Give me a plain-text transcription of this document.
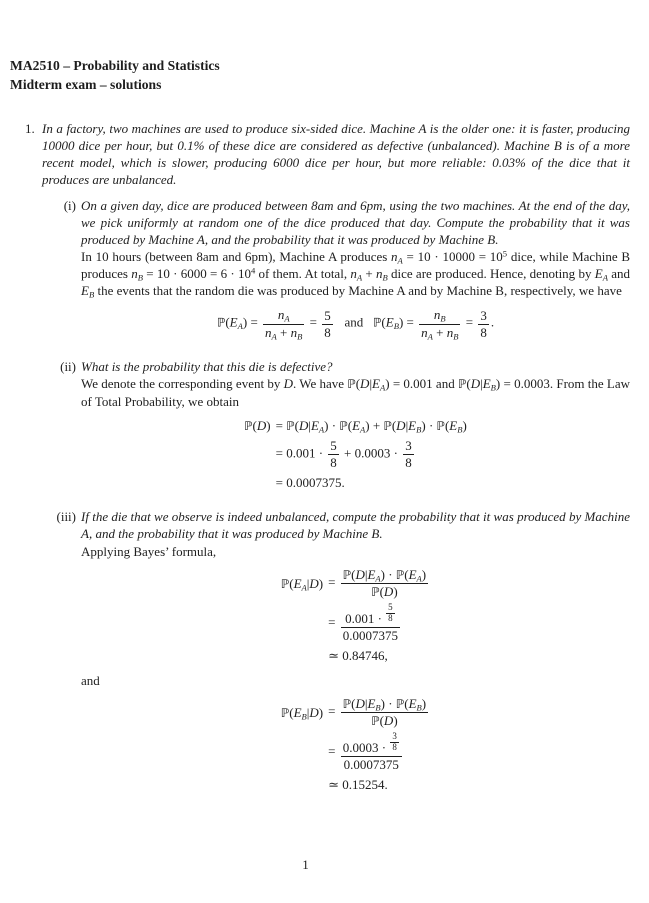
MA2510 – Probability and Statistics
Midterm exam – solutions
1. In a factory, two machines are used to produce six-sided dice. Machine A is the older one: it is faster, producing 10000 dice per hour, but 0.1% of these dice are considered as defective (unbalanced). Machine B is of a more recent model, which is slower, producing 6000 dice per hour, but more reliable: 0.03% of the dice that it produces are unbalanced.
(i) On a given day, dice are produced between 8am and 6pm, using the two machines. At the end of the day, we pick uniformly at random one of the dice produced that day. Compute the probability that it was produced by Machine A, and the probability that it was produced by Machine B.
In 10 hours (between 8am and 6pm), Machine A produces $n_A = 10 \cdot 10000 = 10^5$ dice, while Machine B produces $n_B = 10 \cdot 6000 = 6 \cdot 10^4$ of them. At total, $n_A + n_B$ dice are produced. Hence, denoting by $E_A$ and $E_B$ the events that the random die was produced by Machine A and by Machine B, respectively, we have
$ℙ(E_A) = \frac{n_A}{n_A + n_B} = \frac{5}{8}$ and   $ℙ(E_B) = \frac{n_B}{n_A + n_B} = \frac{3}{8}$ .
(ii) What is the probability that this die is defective?
We denote the corresponding event by D. We have $ℙ(D|E_A) = 0.001$ and $ℙ(D|E_B) = 0.0003$. From the Law of Total Probability, we obtain
ℙ(D)	= $ℙ(D|E_A)$ · $ℙ(E_A)$ + $ℙ(D|E_B)$ · $ℙ(E_B)$
	= $0.001 \cdot \frac{5}{8} + 0.0003 \cdot \frac{3}{8}$

	= 0.0007375.
(iii) If the die that we observe is indeed unbalanced, compute the probability that it was produced by Machine A, and the probability that it was produced by Machine B.
Applying Bayes’ formula,
$ℙ(E_A|D)$	= $\frac{ℙ(D|E_A) \cdot ℙ(E_A)}{\text{ℙ(D)}}$

	= $\frac{0.001 \cdot \frac{5}{8}}{0.0007375}$

	≃ 0.84746,
and
$ℙ(E_B|D)$	= $\frac{ℙ(D|E_B) \cdot ℙ(E_B)}{\text{ℙ(D)}}$

	= $\frac{0.0003 \cdot \frac{3}{8}}{0.0007375}$

	≃ 0.15254.
1
